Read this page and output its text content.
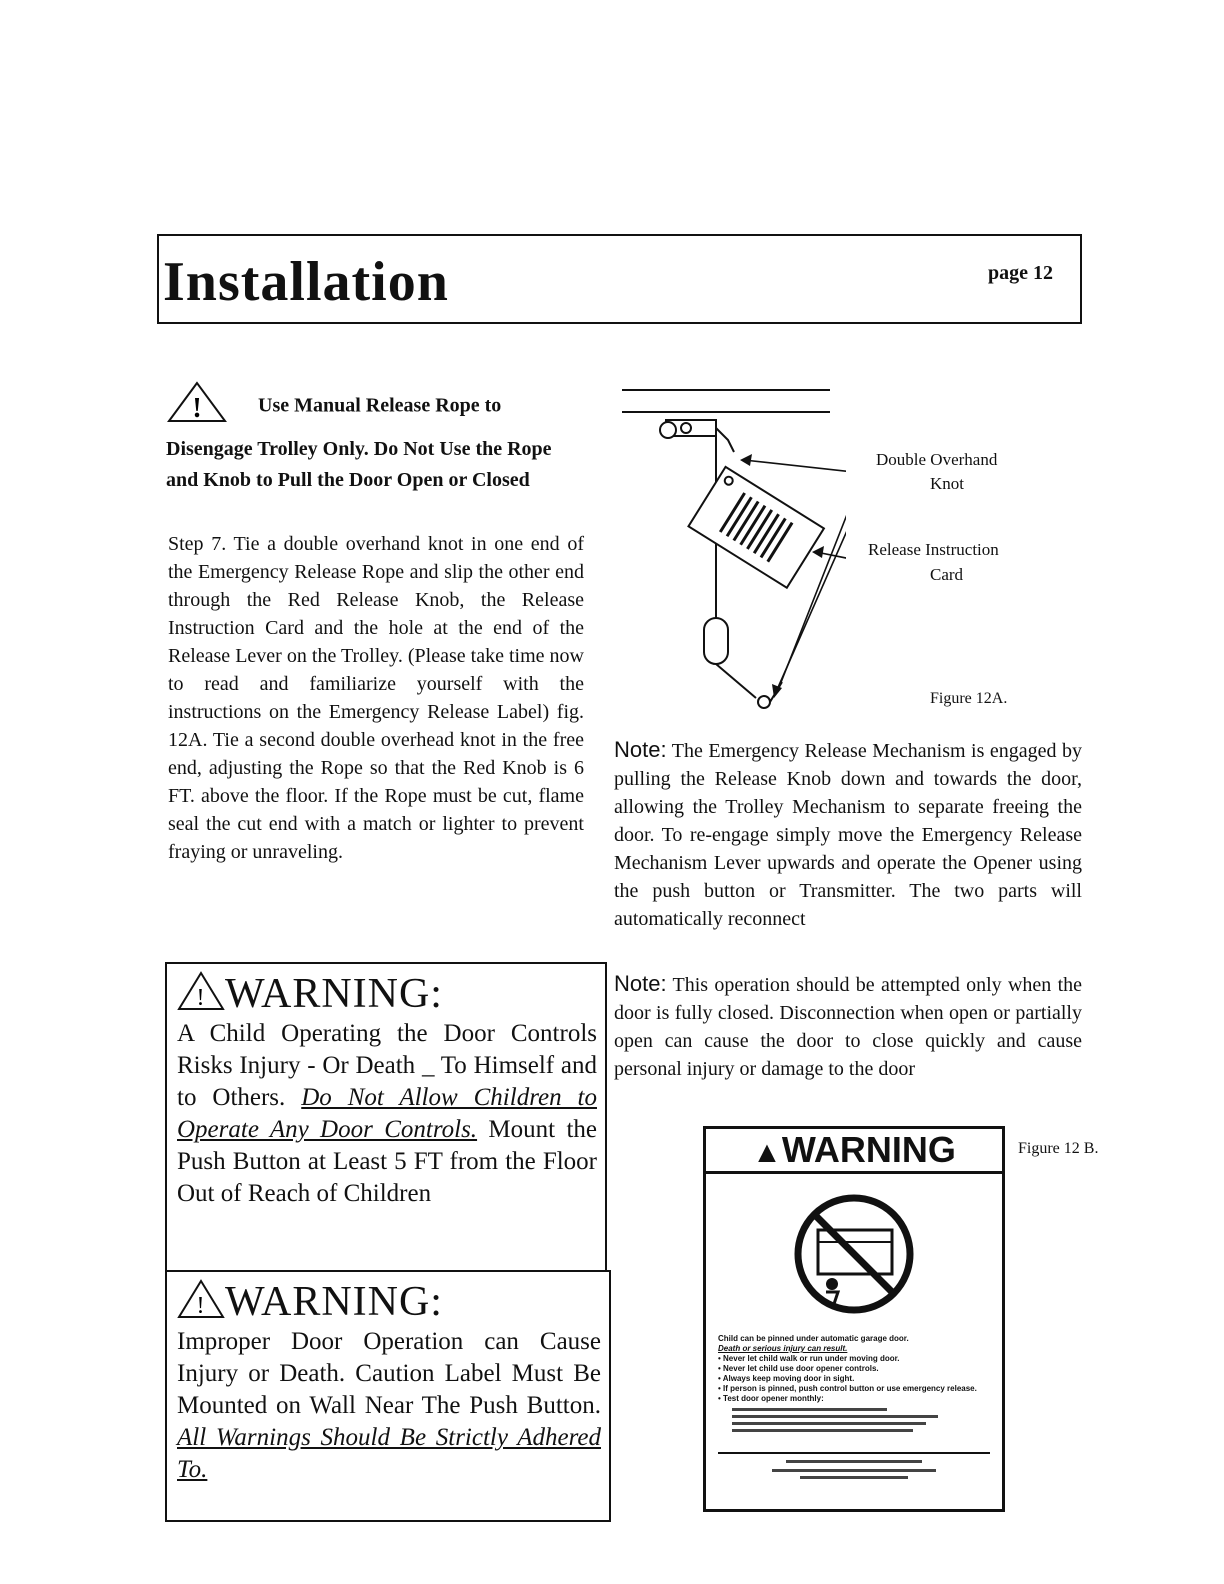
Installation	page 12
!	Use Manual Release Rope to Disengage Trolley Only. Do Not Use the Rope and Knob to Pull the Door Open or Closed
Step 7. Tie a double overhand knot in one end of the Emergency Release Rope and slip the other end through the Red Release Knob, the Release Instruction Card and the hole at the end of the Release Lever on the Trolley. (Please take time now to read and familiarize yourself with the instructions on the Emergency Release Label) fig. 12A. Tie a second double overhead knot in the free end, adjusting the Rope so that the Red Knob is 6 FT. above the floor. If the Rope must be cut, flame seal the cut end with a match or lighter to prevent fraying or unraveling.
! WARNING:
A Child Operating the Door Controls Risks Injury - Or Death _ To Himself and to Others. Do Not Allow Children to Operate Any Door Controls. Mount the Push Button at Least 5 FT from the Floor Out of Reach of Children
! WARNING:
Improper Door Operation can Cause Injury or Death. Caution Label Must Be Mounted on Wall Near The Push Button. All Warnings Should Be Strictly Adhered To.
Double Overhand
Knot
Release Instruction
Card
Figure 12A.
Note: The Emergency Release Mechanism is engaged by pulling the Release Knob down and towards the door, allowing the Trolley Mechanism to separate freeing the door. To re-engage simply move the Emergency Release Mechanism Lever upwards and operate the Opener using the push button or Transmitter. The two parts will automatically reconnect
Note: This operation should be attempted only when the door is fully closed. Disconnection when open or partially open can cause the door to close quickly and cause personal injury or damage to the door
Figure 12 B.
▲WARNING
Child can be pinned under automatic garage door.
Death or serious injury can result.
• Never let child walk or run under moving door.
• Never let child use door opener controls.
• Always keep moving door in sight.
• If person is pinned, push control button or use emergency release.
• Test door opener monthly:
